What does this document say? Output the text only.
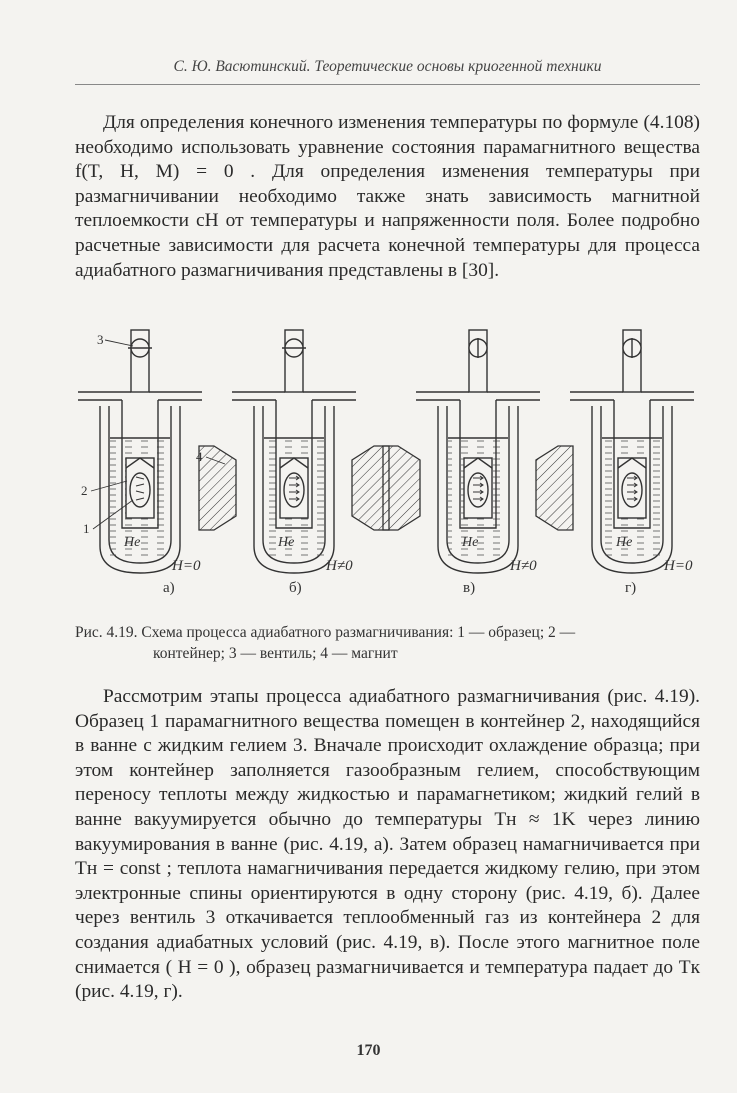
С. Ю. Васютинский. Теоретические основы криогенной техники

Для определения конечного изменения температуры по формуле (4.108) необходимо использовать уравнение состояния парамагнитного вещества f(T, H, M) = 0 . Для определения изменения температуры при размагничивании необходимо также знать зависимость магнитной теплоемкости cH от температуры и напряженности поля. Более подробно расчетные зависимости для расчета конечной температуры для процесса адиабатного размагничивания представлены в [30].

He
H=0
He
H≠0
He
H≠0
He
H=0
3
4
2
1
а)	б)	в)	г)
Рис. 4.19. Схема процесса адиабатного размагничивания: 1 — образец; 2 —
контейнер; 3 — вентиль; 4 — магнит

Рассмотрим этапы процесса адиабатного размагничивания (рис. 4.19). Образец 1 парамагнитного вещества помещен в контейнер 2, находящийся в ванне с жидким гелием 3. Вначале происходит охлаждение образца; при этом контейнер заполняется газообразным гелием, способствующим переносу теплоты между жидкостью и парамагнетиком; жидкий гелий в ванне вакуумируется обычно до температуры Tн ≈ 1K через линию вакуумирования в ванне (рис. 4.19, а). Затем образец намагничивается при Tн = const ; теплота намагничивания передается жидкому гелию, при этом электронные спины ориентируются в одну сторону (рис. 4.19, б). Далее через вентиль 3 откачивается теплообменный газ из контейнера 2 для создания адиабатных условий (рис. 4.19, в). После этого магнитное поле снимается ( H = 0 ), образец размагничивается и температура падает до Tк (рис. 4.19, г).

170
